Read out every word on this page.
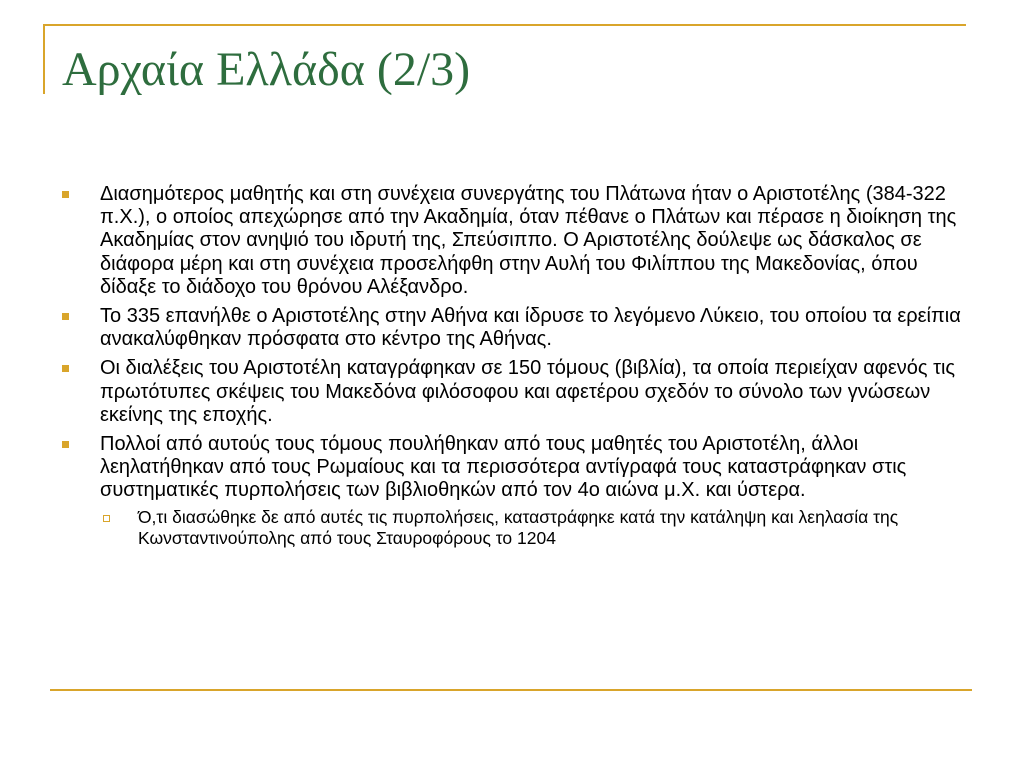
Αρχαία Ελλάδα (2/3)
Διασημότερος μαθητής και στη συνέχεια συνεργάτης του Πλάτωνα ήταν ο Αριστοτέλης (384-322 π.Χ.), ο οποίος απεχώρησε από την Ακαδημία, όταν πέθανε ο Πλάτων και πέρασε η διοίκηση της Ακαδημίας στον ανηψιό του ιδρυτή της, Σπεύσιππο. Ο Αριστοτέλης δούλεψε ως δάσκαλος σε διάφορα μέρη και στη συνέχεια προσελήφθη στην Αυλή του Φιλίππου της Μακεδονίας, όπου δίδαξε το διάδοχο του θρόνου Αλέξανδρο.
Το 335 επανήλθε ο Αριστοτέλης στην Αθήνα και ίδρυσε το λεγόμενο Λύκειο, του οποίου τα ερείπια ανακαλύφθηκαν πρόσφατα στο κέντρο της Αθήνας.
Οι διαλέξεις του Αριστοτέλη καταγράφηκαν σε 150 τόμους (βιβλία), τα οποία περιείχαν αφενός τις πρωτότυπες σκέψεις του Μακεδόνα φιλόσοφου και αφετέρου σχεδόν το σύνολο των γνώσεων εκείνης της εποχής.
Πολλοί από αυτούς τους τόμους πουλήθηκαν από τους μαθητές του Αριστοτέλη, άλλοι λεηλατήθηκαν από τους Ρωμαίους και τα περισσότερα αντίγραφά τους καταστράφηκαν στις συστηματικές πυρπολήσεις των βιβλιοθηκών από τον 4ο αιώνα μ.Χ. και ύστερα.
Ό,τι διασώθηκε δε από αυτές τις πυρπολήσεις, καταστράφηκε κατά την κατάληψη και λεηλασία της Κωνσταντινούπολης από τους Σταυροφόρους το 1204
